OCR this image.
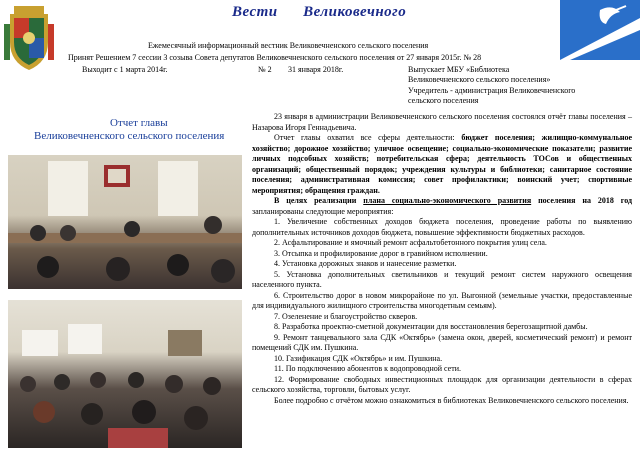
Вести      Великовечного
Ежемесячный информационный вестник Великовечненского сельского поселения
Принят Решением 7 сессии 3 созыва Совета депутатов Великовечненского сельского поселения от 27 января 2015г. № 28
Выходит с 1 марта 2014г.	№ 2 31 января 2018г.	Выпускает МБУ «Библиотека
Великовечненского сельского поселения»
Учредитель - администрация Великовечненского
сельского поселения
Отчет главы
Великовечненского сельского поселения

23 января в администрации Великовечненского сельского поселения состоялся отчёт главы поселения – Назарова Игоря Геннадьевича.

Отчет главы охватил все сферы деятельности: бюджет поселения; жилищно-коммунальное хозяйство; дорожное хозяйство; уличное освещение; социально-экономические показатели; развитие личных подсобных хозяйств; потребительская сфера; деятельность ТОСов и общественных организаций; общественный порядок; учреждения культуры и библиотеки; санитарное состояние поселения; административная комиссия; совет профилактики; воинский учет; спортивные мероприятия; обращения граждан.

В целях реализации плана социально-экономического развития поселения на 2018 год запланированы следующие мероприятия:

1. Увеличение собственных доходов бюджета поселения, проведение работы по выявлению дополнительных источников доходов бюджета, повышение эффективности бюджетных расходов.

2. Асфальтирование и ямочный ремонт асфальтобетонного покрытия улиц села.

3. Отсыпка и профилирование дорог в гравийном исполнении.

4. Установка дорожных знаков и нанесение разметки.

5. Установка дополнительных светильников и текущий ремонт систем наружного освещения населенного пункта.

6. Строительство дорог в новом микрорайоне по ул. Выгонной (земельные участки, предоставленные для индивидуального жилищного строительства многодетным семьям).

7. Озеленение и благоустройство скверов.

8. Разработка проектно-сметной документации для восстановления берегозащитной дамбы.

9. Ремонт танцевального зала СДК «Октябрь» (замена окон, дверей, косметический ремонт) и ремонт помещений СДК им. Пушкина.

10. Газификация СДК «Октябрь» и им. Пушкина.

11. По подключению абонентов к водопроводной сети.

12. Формирование свободных инвестиционных площадок для организации деятельности в сферах сельского хозяйства, торговли, бытовых услуг.

Более подробно с отчётом можно ознакомиться в библиотеках Великовечненского сельского поселения.
